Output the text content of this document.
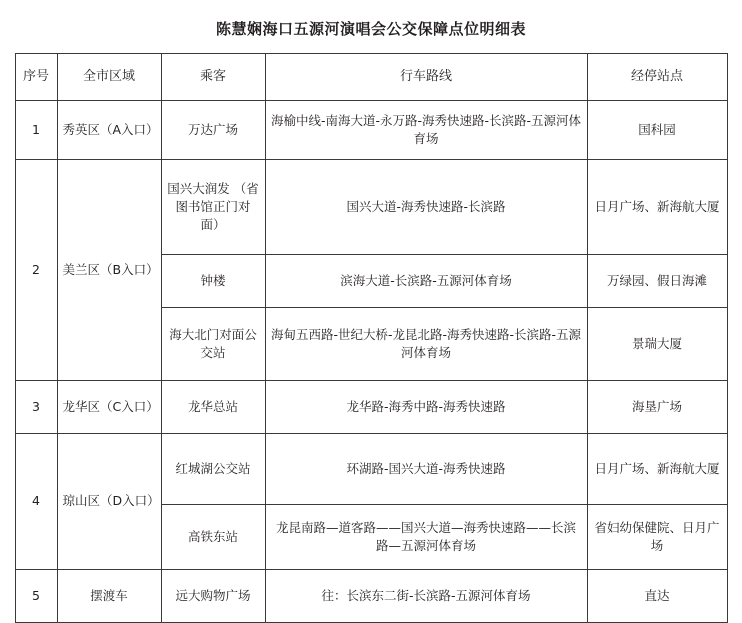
陈慧娴海口五源河演唱会公交保障点位明细表
序号	全市区域	乘客	行车路线	经停站点
1	秀英区（A入口）	万达广场	海榆中线-南海大道-永万路-海秀快速路-长滨路-五源河体育场	国科园
2	美兰区（B入口）	国兴大润发 （省图书馆正门对面）	国兴大道-海秀快速路-长滨路	日月广场、新海航大厦
		钟楼	滨海大道-长滨路-五源河体育场	万绿园、假日海滩
		海大北门对面公交站	海甸五西路-世纪大桥-龙昆北路-海秀快速路-长滨路-五源河体育场	景瑞大厦
3	龙华区（C入口）	龙华总站	龙华路-海秀中路-海秀快速路	海垦广场
4	琼山区（D入口）	红城湖公交站	环湖路-国兴大道-海秀快速路	日月广场、新海航大厦
		高铁东站	龙昆南路—道客路——国兴大道—海秀快速路——长滨路—五源河体育场	省妇幼保健院、日月广场
5	摆渡车	远大购物广场	往：长滨东二街-长滨路-五源河体育场	直达
